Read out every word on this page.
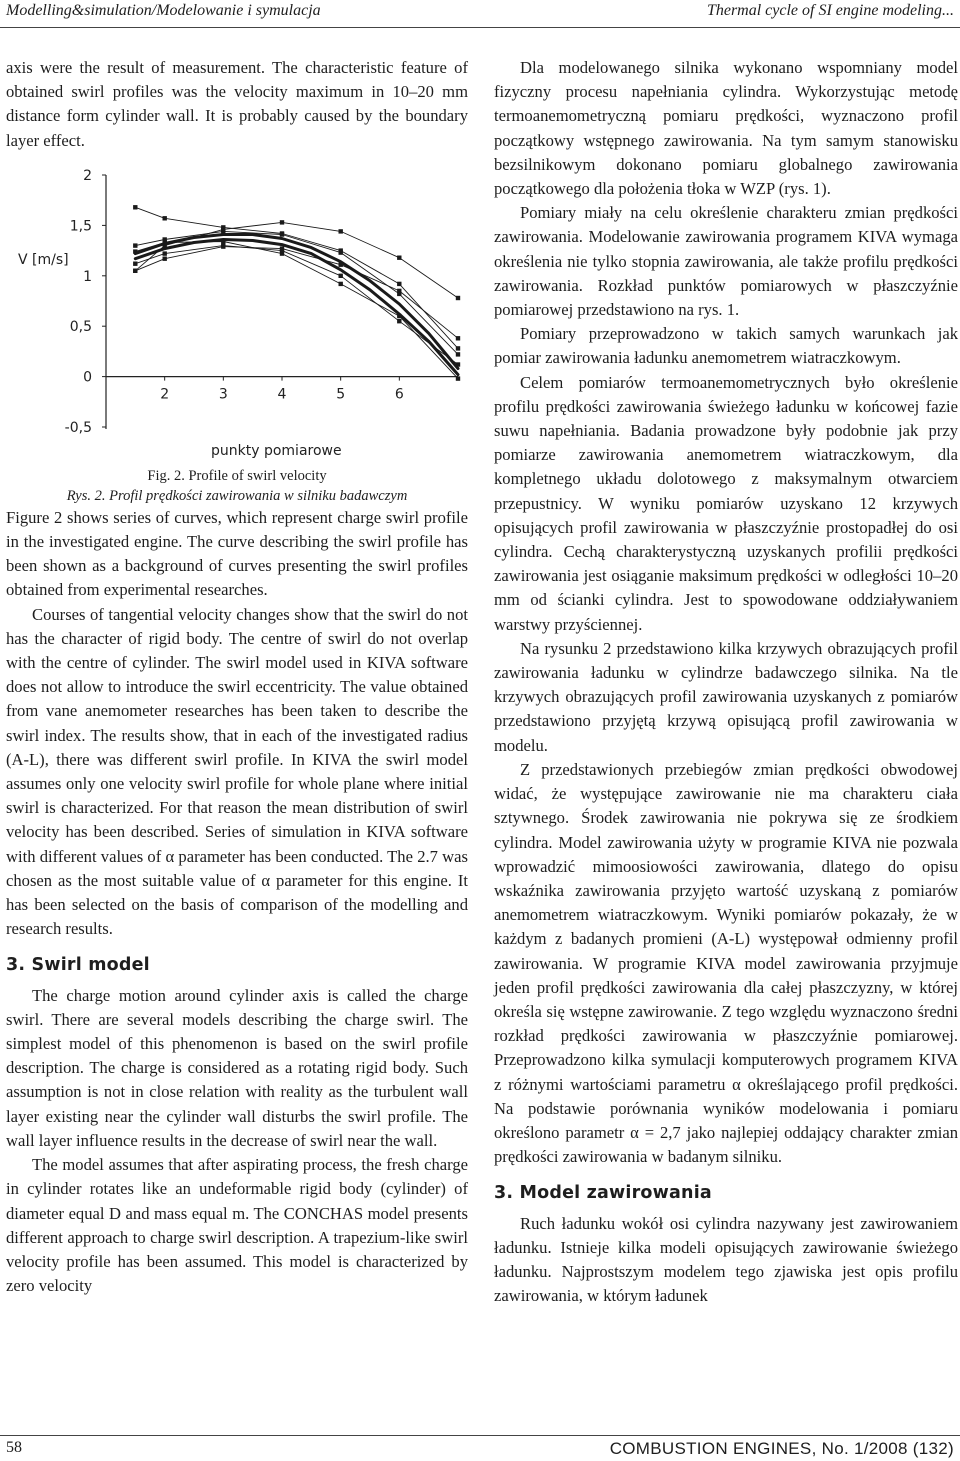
Modelling&simulation/Modelowanie i symulacja	Thermal cycle of SI engine modeling...

axis were the result of measurement. The characteristic feature of obtained swirl profiles was the velocity maximum in 10–20 mm distance form cylinder wall. It is probably caused by the boundary layer effect.

2
1,5
1
0,5
0
-0,5
2	3	4	5	6
V [m/s]
punkty pomiarowe

Fig. 2. Profile of swirl velocity

Rys. 2. Profil prędkości zawirowania w silniku badawczym

Figure 2 shows series of curves, which represent charge swirl profile in the investigated engine. The curve describing the swirl profile has been shown as a background of curves presenting the swirl profiles obtained from experimental researches.

Courses of tangential velocity changes show that the swirl do not has the character of rigid body. The centre of swirl do not overlap with the centre of cylinder. The swirl model used in KIVA software does not allow to introduce the swirl eccentricity. The value obtained from vane anemometer researches has been taken to describe the swirl index. The results show, that in each of the investigated radius (A-L), there was different swirl profile. In KIVA the swirl model assumes only one velocity swirl profile for whole plane where initial swirl is characterized. For that reason the mean distribution of swirl velocity has been described. Series of simulation in KIVA software with different values of α parameter has been conducted. The 2.7 was chosen as the most suitable value of α parameter for this engine. It has been selected on the basis of comparison of the modelling and research results.

3. Swirl model

The charge motion around cylinder axis is called the charge swirl. There are several models describing the charge swirl. The simplest model of this phenomenon is based on the swirl profile description. The charge is considered as a rotating rigid body. Such assumption is not in close relation with reality as the turbulent wall layer existing near the cylinder wall disturbs the swirl profile. The wall layer influence results in the decrease of swirl near the wall.

The model assumes that after aspirating process, the fresh charge in cylinder rotates like an undeformable rigid body (cylinder) of diameter equal D and mass equal m. The CONCHAS model presents different approach to charge swirl description. A trapezium-like swirl velocity profile has been assumed. This model is characterized by zero velocity

Dla modelowanego silnika wykonano wspomniany model fizyczny procesu napełniania cylindra. Wykorzystując metodę termoanemometryczną pomiaru prędkości, wyznaczono profil początkowy wstępnego zawirowania. Na tym samym stanowisku bezsilnikowym dokonano pomiaru globalnego zawirowania początkowego dla położenia tłoka w WZP (rys. 1).

Pomiary miały na celu określenie charakteru zmian prędkości zawirowania. Modelowanie zawirowania programem KIVA wymaga określenia nie tylko stopnia zawirowania, ale także profilu prędkości zawirowania. Rozkład punktów pomiarowych w płaszczyźnie pomiarowej przedstawiono na rys. 1.

Pomiary przeprowadzono w takich samych warunkach jak pomiar zawirowania ładunku anemometrem wiatraczkowym.

Celem pomiarów termoanemometrycznych było określenie profilu prędkości zawirowania świeżego ładunku w końcowej fazie suwu napełniania. Badania prowadzone były podobnie jak przy pomiarze zawirowania anemometrem wiatraczkowym, dla kompletnego układu dolotowego z maksymalnym otwarciem przepustnicy. W wyniku pomiarów uzyskano 12 krzywych opisujących profil zawirowania w płaszczyźnie prostopadłej do osi cylindra. Cechą charakterystyczną uzyskanych profilii prędkości zawirowania jest osiąganie maksimum prędkości w odległości 10–20 mm od ścianki cylindra. Jest to spowodowane oddziaływaniem warstwy przyściennej.

Na rysunku 2 przedstawiono kilka krzywych obrazujących profil zawirowania ładunku w cylindrze badawczego silnika. Na tle krzywych obrazujących profil zawirowania uzyskanych z pomiarów przedstawiono przyjętą krzywą opisującą profil zawirowania w modelu.

Z przedstawionych przebiegów zmian prędkości obwodowej widać, że występujące zawirowanie nie ma charakteru ciała sztywnego. Środek zawirowania nie pokrywa się ze środkiem cylindra. Model zawirowania użyty w programie KIVA nie pozwala wprowadzić mimoosiowości zawirowania, dlatego do opisu wskaźnika zawirowania przyjęto wartość uzyskaną z pomiarów anemometrem wiatraczkowym. Wyniki pomiarów pokazały, że w każdym z badanych promieni (A-L) występował odmienny profil zawirowania. W programie KIVA model zawirowania przyjmuje jeden profil prędkości zawirowania dla całej płaszczyzny, w której określa się wstępne zawirowanie. Z tego względu wyznaczono średni rozkład prędkości zawirowania w płaszczyźnie pomiarowej. Przeprowadzono kilka symulacji komputerowych programem KIVA z różnymi wartościami parametru α określającego profil prędkości. Na podstawie porównania wyników modelowania i pomiaru określono parametr α = 2,7 jako najlepiej oddający charakter zmian prędkości zawirowania w badanym silniku.

3. Model zawirowania

Ruch ładunku wokół osi cylindra nazywany jest zawirowaniem ładunku. Istnieje kilka modeli opisujących zawirowanie świeżego ładunku. Najprostszym modelem tego zjawiska jest opis profilu zawirowania, w którym ładunek

58	COMBUSTION ENGINES, No. 1/2008 (132)
